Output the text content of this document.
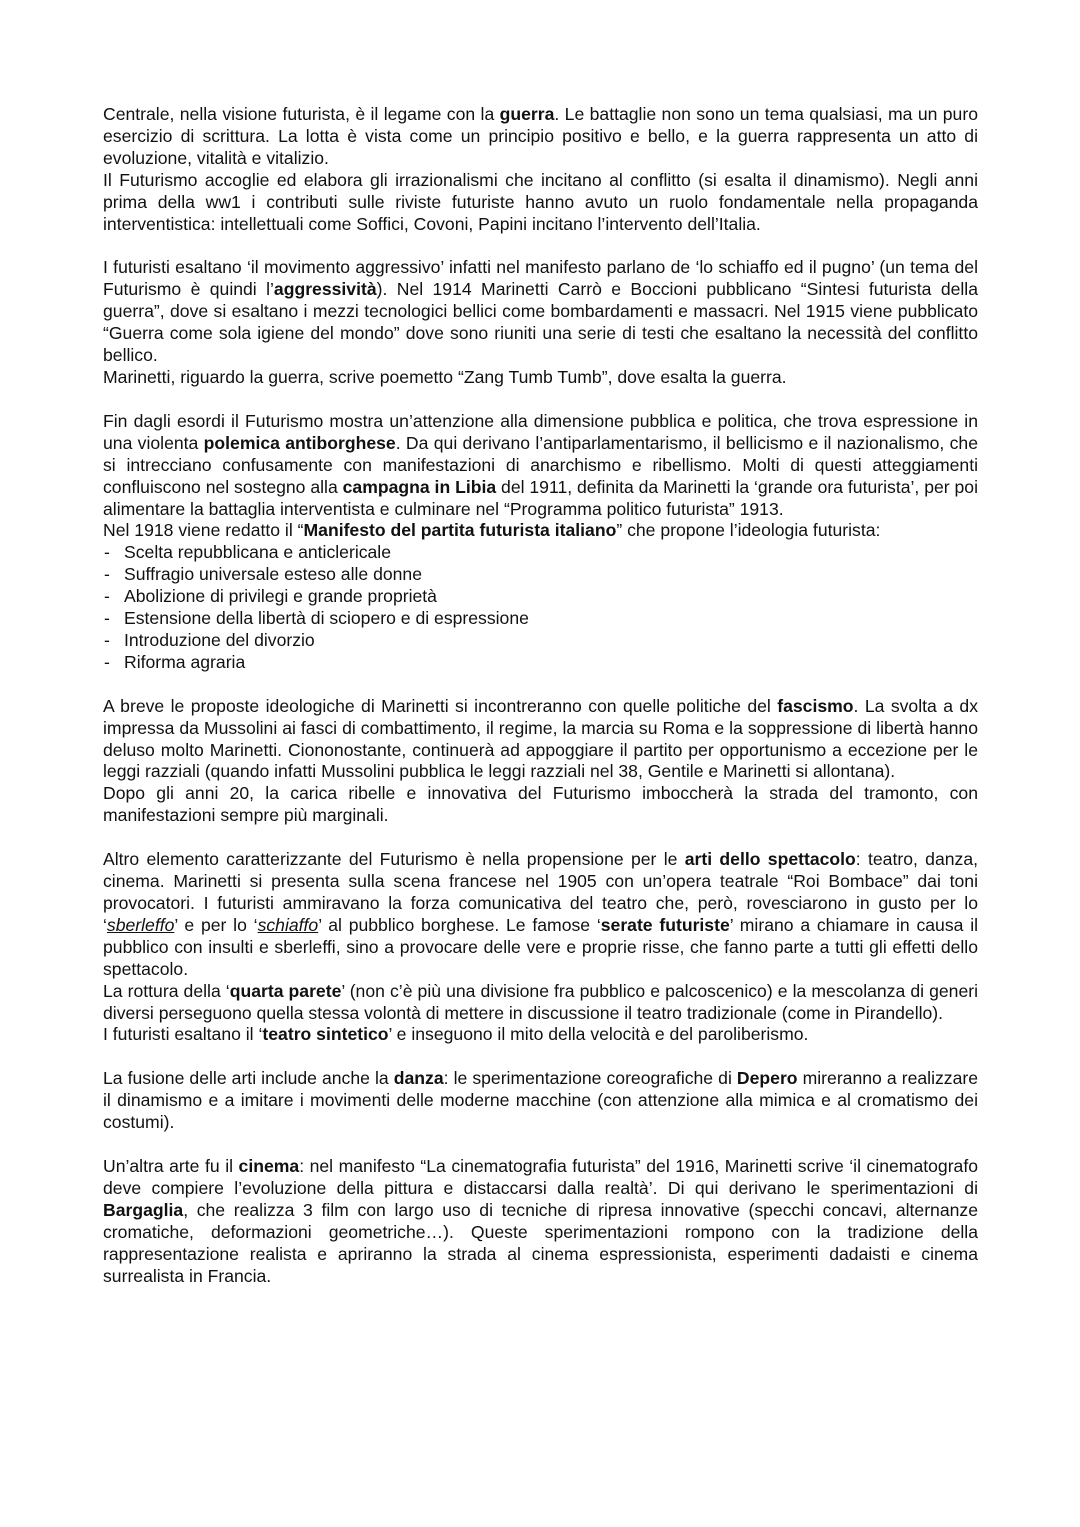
Centrale, nella visione futurista, è il legame con la guerra. Le battaglie non sono un tema qualsiasi, ma un puro esercizio di scrittura. La lotta è vista come un principio positivo e bello, e la guerra rappresenta un atto di evoluzione, vitalità e vitalizio.

Il Futurismo accoglie ed elabora gli irrazionalismi che incitano al conflitto (si esalta il dinamismo). Negli anni prima della ww1 i contributi sulle riviste futuriste hanno avuto un ruolo fondamentale nella propaganda interventistica: intellettuali come Soffici, Covoni, Papini incitano l’intervento dell’Italia.

I futuristi esaltano ‘il movimento aggressivo’ infatti nel manifesto parlano de ‘lo schiaffo ed il pugno’ (un tema del Futurismo è quindi l’aggressività). Nel 1914 Marinetti Carrò e Boccioni pubblicano “Sintesi futurista della guerra”, dove si esaltano i mezzi tecnologici bellici come bombardamenti e massacri. Nel 1915 viene pubblicato “Guerra come sola igiene del mondo” dove sono riuniti una serie di testi che esaltano la necessità del conflitto bellico.

Marinetti, riguardo la guerra, scrive poemetto “Zang Tumb Tumb”, dove esalta la guerra.

Fin dagli esordi il Futurismo mostra un’attenzione alla dimensione pubblica e politica, che trova espressione in una violenta polemica antiborghese. Da qui derivano l’antiparlamentarismo, il bellicismo e il nazionalismo, che si intrecciano confusamente con manifestazioni di anarchismo e ribellismo. Molti di questi atteggiamenti confluiscono nel sostegno alla campagna in Libia del 1911, definita da Marinetti la ‘grande ora futurista’, per poi alimentare la battaglia interventista e culminare nel “Programma politico futurista” 1913.

Nel 1918 viene redatto il “Manifesto del partita futurista italiano” che propone l’ideologia futurista:

- Scelta repubblicana e anticlericale
- Suffragio universale esteso alle donne
- Abolizione di privilegi e grande proprietà
- Estensione della libertà di sciopero e di espressione
- Introduzione del divorzio
- Riforma agraria

A breve le proposte ideologiche di Marinetti si incontreranno con quelle politiche del fascismo. La svolta a dx impressa da Mussolini ai fasci di combattimento, il regime, la marcia su Roma e la soppressione di libertà hanno deluso molto Marinetti. Ciononostante, continuerà ad appoggiare il partito per opportunismo a eccezione per le leggi razziali (quando infatti Mussolini pubblica le leggi razziali nel 38, Gentile e Marinetti si allontana).

Dopo gli anni 20, la carica ribelle e innovativa del Futurismo imboccherà la strada del tramonto, con manifestazioni sempre più marginali.

Altro elemento caratterizzante del Futurismo è nella propensione per le arti dello spettacolo: teatro, danza, cinema. Marinetti si presenta sulla scena francese nel 1905 con un’opera teatrale “Roi Bombace” dai toni provocatori. I futuristi ammiravano la forza comunicativa del teatro che, però, rovesciarono in gusto per lo ‘sberleffo’ e per lo ‘schiaffo’ al pubblico borghese. Le famose ‘serate futuriste’ mirano a chiamare in causa il pubblico con insulti e sberleffi, sino a provocare delle vere e proprie risse, che fanno parte a tutti gli effetti dello spettacolo.

La rottura della ‘quarta parete’ (non c’è più una divisione fra pubblico e palcoscenico) e la mescolanza di generi diversi perseguono quella stessa volontà di mettere in discussione il teatro tradizionale (come in Pirandello).

I futuristi esaltano il ‘teatro sintetico’ e inseguono il mito della velocità e del paroliberismo.

La fusione delle arti include anche la danza: le sperimentazione coreografiche di Depero mireranno a realizzare il dinamismo e a imitare i movimenti delle moderne macchine (con attenzione alla mimica e al cromatismo dei costumi).

Un’altra arte fu il cinema: nel manifesto “La cinematografia futurista” del 1916, Marinetti scrive ‘il cinematografo deve compiere l’evoluzione della pittura e distaccarsi dalla realtà’. Di qui derivano le sperimentazioni di Bargaglia, che realizza 3 film con largo uso di tecniche di ripresa innovative (specchi concavi, alternanze cromatiche, deformazioni geometriche…). Queste sperimentazioni rompono con la tradizione della rappresentazione realista e apriranno la strada al cinema espressionista, esperimenti dadaisti e cinema surrealista in Francia.
